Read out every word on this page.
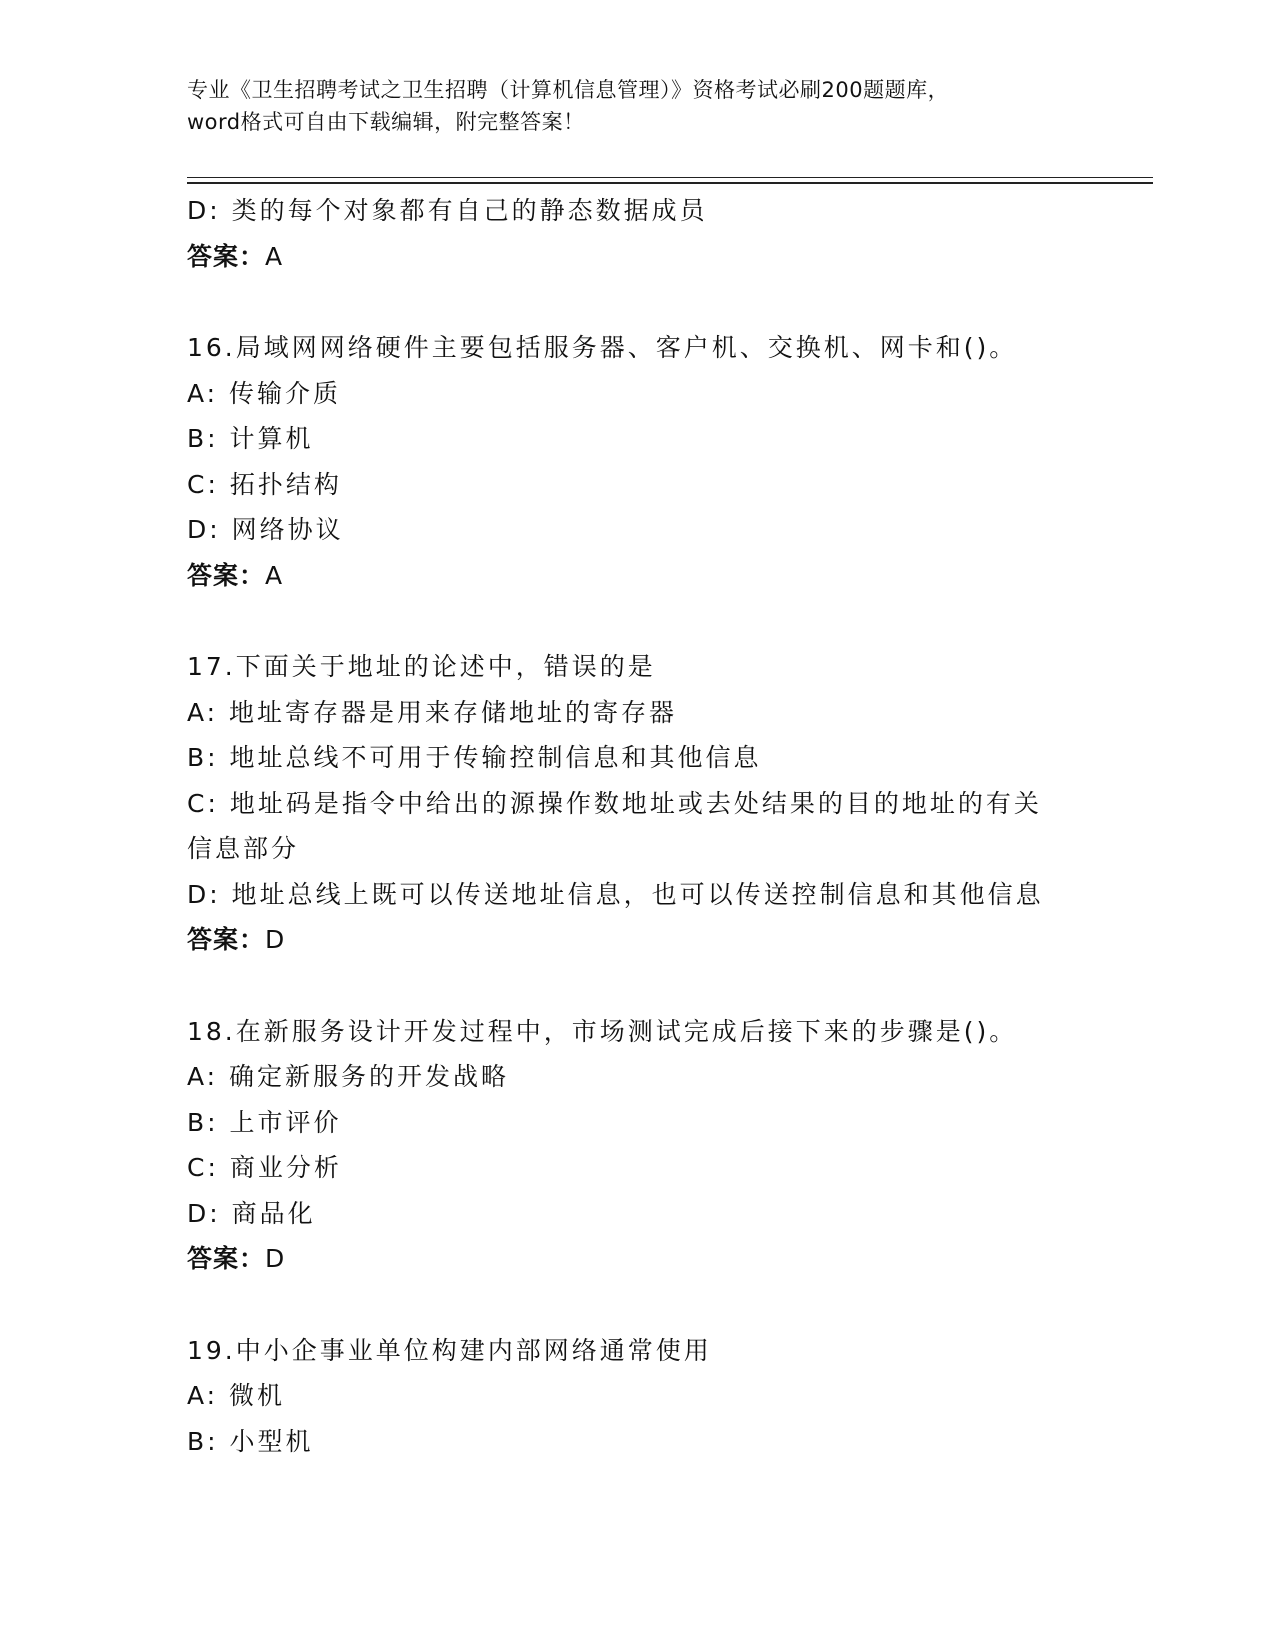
专业《卫生招聘考试之卫生招聘（计算机信息管理）》资格考试必刷200题题库，
word格式可自由下载编辑，附完整答案！
D: 类的每个对象都有自己的静态数据成员
答案：A
16.局域网网络硬件主要包括服务器、客户机、交换机、网卡和()。
A: 传输介质
B: 计算机
C: 拓扑结构
D: 网络协议
答案：A
17.下面关于地址的论述中，错误的是
A: 地址寄存器是用来存储地址的寄存器
B: 地址总线不可用于传输控制信息和其他信息
C: 地址码是指令中给出的源操作数地址或去处结果的目的地址的有关信息部分
D: 地址总线上既可以传送地址信息，也可以传送控制信息和其他信息
答案：D
18.在新服务设计开发过程中，市场测试完成后接下来的步骤是()。
A: 确定新服务的开发战略
B: 上市评价
C: 商业分析
D: 商品化
答案：D
19.中小企事业单位构建内部网络通常使用
A: 微机
B: 小型机
